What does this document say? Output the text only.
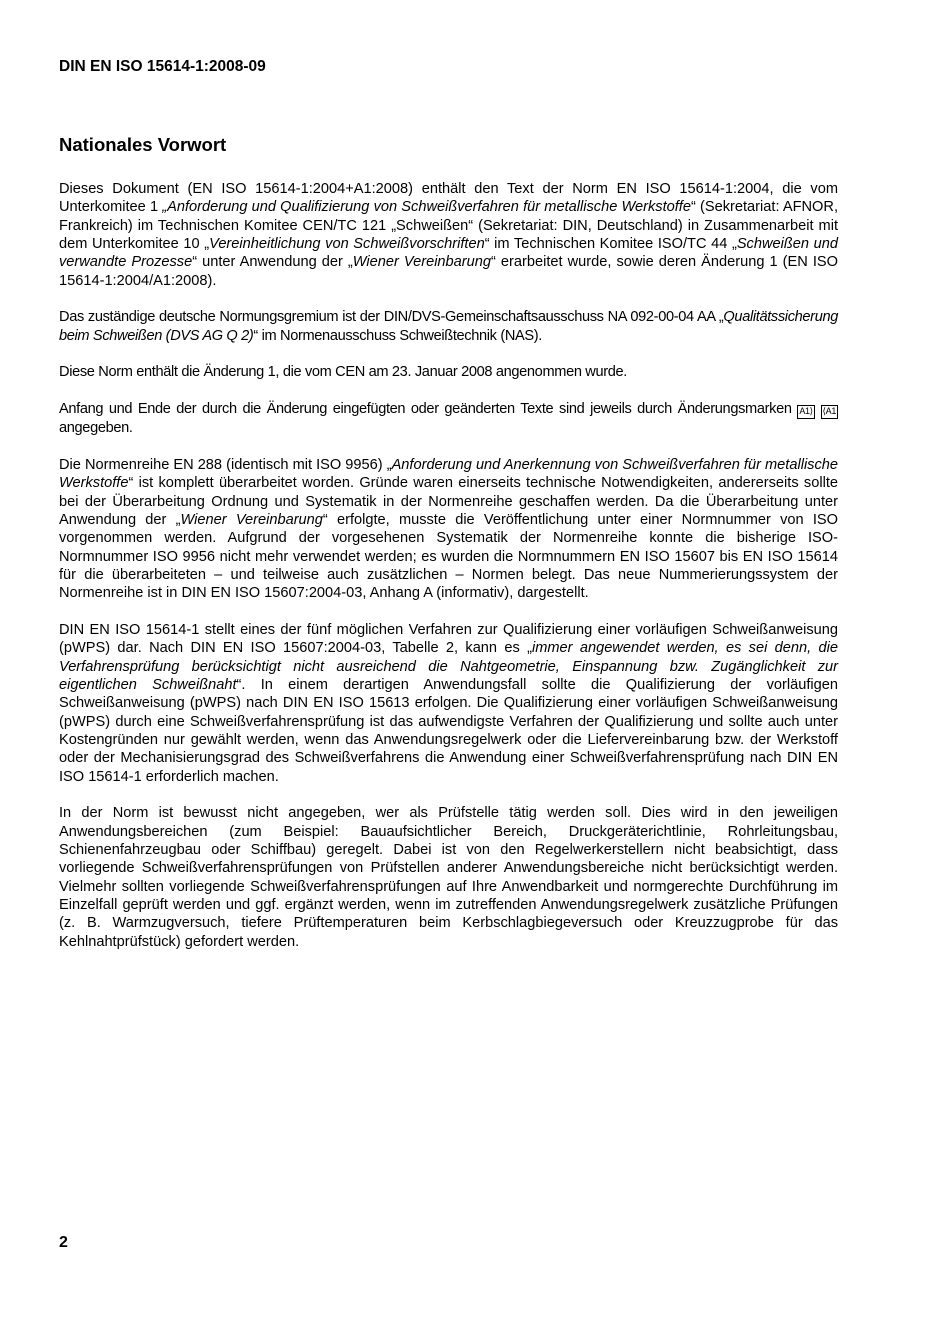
DIN EN ISO 15614-1:2008-09
Nationales Vorwort

Dieses Dokument (EN ISO 15614-1:2004+A1:2008) enthält den Text der Norm EN ISO 15614-1:2004, die vom Unterkomitee 1 „Anforderung und Qualifizierung von Schweißverfahren für metallische Werkstoffe“ (Sekretariat: AFNOR, Frankreich) im Technischen Komitee CEN/TC 121 „Schweißen“ (Sekretariat: DIN, Deutschland) in Zusammenarbeit mit dem Unterkomitee 10 „Vereinheitlichung von Schweißvorschriften“ im Technischen Komitee ISO/TC 44 „Schweißen und verwandte Prozesse“ unter Anwendung der „Wiener Vereinbarung“ erarbeitet wurde, sowie deren Änderung 1 (EN ISO 15614-1:2004/A1:2008).

Das zuständige deutsche Normungsgremium ist der DIN/DVS-Gemeinschaftsausschuss NA 092-00-04 AA „Qualitätssicherung beim Schweißen (DVS AG Q 2)“ im Normenausschuss Schweißtechnik (NAS).

Diese Norm enthält die Änderung 1, die vom CEN am 23. Januar 2008 angenommen wurde.

Anfang und Ende der durch die Änderung eingefügten oder geänderten Texte sind jeweils durch Änderungsmarken A1 ⟩ ⟨A1 angegeben.

Die Normenreihe EN 288 (identisch mit ISO 9956) „Anforderung und Anerkennung von Schweißverfahren für metallische Werkstoffe“ ist komplett überarbeitet worden. Gründe waren einerseits technische Notwendigkeiten, andererseits sollte bei der Überarbeitung Ordnung und Systematik in der Normenreihe geschaffen werden. Da die Überarbeitung unter Anwendung der „Wiener Vereinbarung“ erfolgte, musste die Veröffentlichung unter einer Normnummer von ISO vorgenommen werden. Aufgrund der vorgesehenen Systematik der Normenreihe konnte die bisherige ISO-Normnummer ISO 9956 nicht mehr verwendet werden; es wurden die Normnummern EN ISO 15607 bis EN ISO 15614 für die überarbeiteten – und teilweise auch zusätzlichen – Normen belegt. Das neue Nummerierungssystem der Normenreihe ist in DIN EN ISO 15607:2004-03, Anhang A (informativ), dargestellt.

DIN EN ISO 15614-1 stellt eines der fünf möglichen Verfahren zur Qualifizierung einer vorläufigen Schweißanweisung (pWPS) dar. Nach DIN EN ISO 15607:2004-03, Tabelle 2, kann es „immer angewendet werden, es sei denn, die Verfahrensprüfung berücksichtigt nicht ausreichend die Nahtgeometrie, Einspannung bzw. Zugänglichkeit zur eigentlichen Schweißnaht“. In einem derartigen Anwendungsfall sollte die Qualifizierung der vorläufigen Schweißanweisung (pWPS) nach DIN EN ISO 15613 erfolgen. Die Qualifizierung einer vorläufigen Schweißanweisung (pWPS) durch eine Schweißverfahrensprüfung ist das aufwendigste Verfahren der Qualifizierung und sollte auch unter Kostengründen nur gewählt werden, wenn das Anwendungsregelwerk oder die Liefervereinbarung bzw. der Werkstoff oder der Mechanisierungsgrad des Schweißverfahrens die Anwendung einer Schweißverfahrensprüfung nach DIN EN ISO 15614-1 erforderlich machen.

In der Norm ist bewusst nicht angegeben, wer als Prüfstelle tätig werden soll. Dies wird in den jeweiligen Anwendungsbereichen (zum Beispiel: Bauaufsichtlicher Bereich, Druckgeräterichtlinie, Rohrleitungsbau, Schienenfahrzeugbau oder Schiffbau) geregelt. Dabei ist von den Regelwerkerstellern nicht beabsichtigt, dass vorliegende Schweißverfahrensprüfungen von Prüfstellen anderer Anwendungsbereiche nicht berücksichtigt werden. Vielmehr sollten vorliegende Schweißverfahrensprüfungen auf Ihre Anwendbarkeit und normgerechte Durchführung im Einzelfall geprüft werden und ggf. ergänzt werden, wenn im zutreffenden Anwendungsregelwerk zusätzliche Prüfungen (z. B. Warmzugversuch, tiefere Prüftemperaturen beim Kerbschlagbiegeversuch oder Kreuzzugprobe für das Kehlnahtprüfstück) gefordert werden.

2
